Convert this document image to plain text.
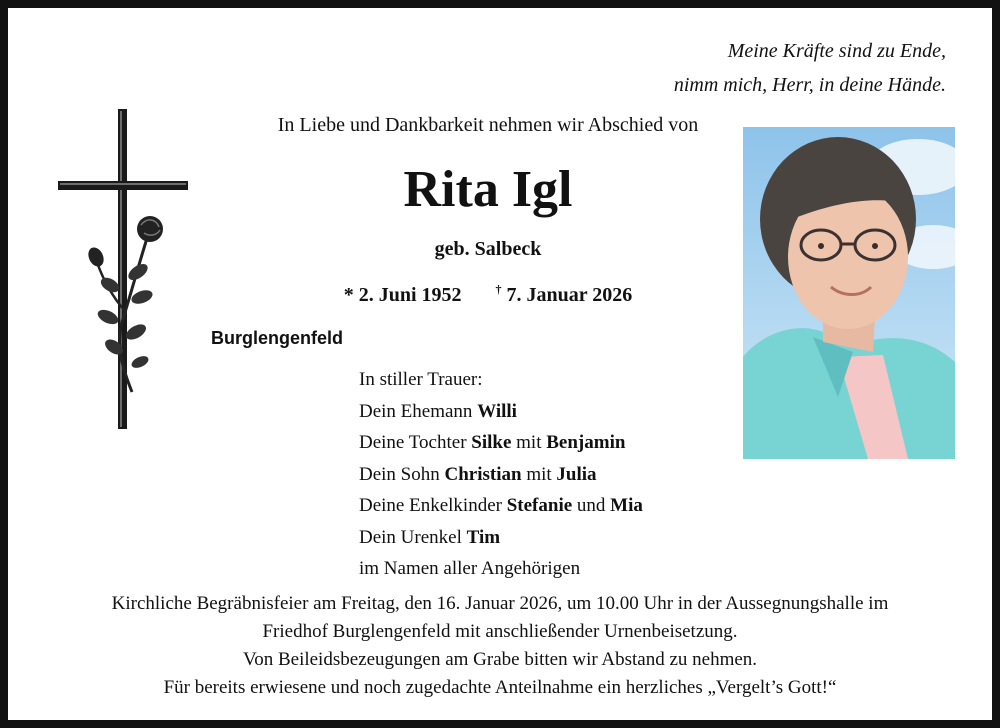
Meine Kräfte sind zu Ende,
nimm mich, Herr, in deine Hände.
In Liebe und Dankbarkeit nehmen wir Abschied von
Rita Igl
geb. Salbeck
* 2. Juni 1952	† 7. Januar 2026
Burglengenfeld
In stiller Trauer:
Dein Ehemann Willi
Deine Tochter Silke mit Benjamin
Dein Sohn Christian mit Julia
Deine Enkelkinder Stefanie und Mia
Dein Urenkel Tim
im Namen aller Angehörigen
Kirchliche Begräbnisfeier am Freitag, den 16. Januar 2026, um 10.00 Uhr in der Aussegnungshalle im
Friedhof Burglengenfeld mit anschließender Urnenbeisetzung.
Von Beileidsbezeugungen am Grabe bitten wir Abstand zu nehmen.
Für bereits erwiesene und noch zugedachte Anteilnahme ein herzliches „Vergelt’s Gott!“
